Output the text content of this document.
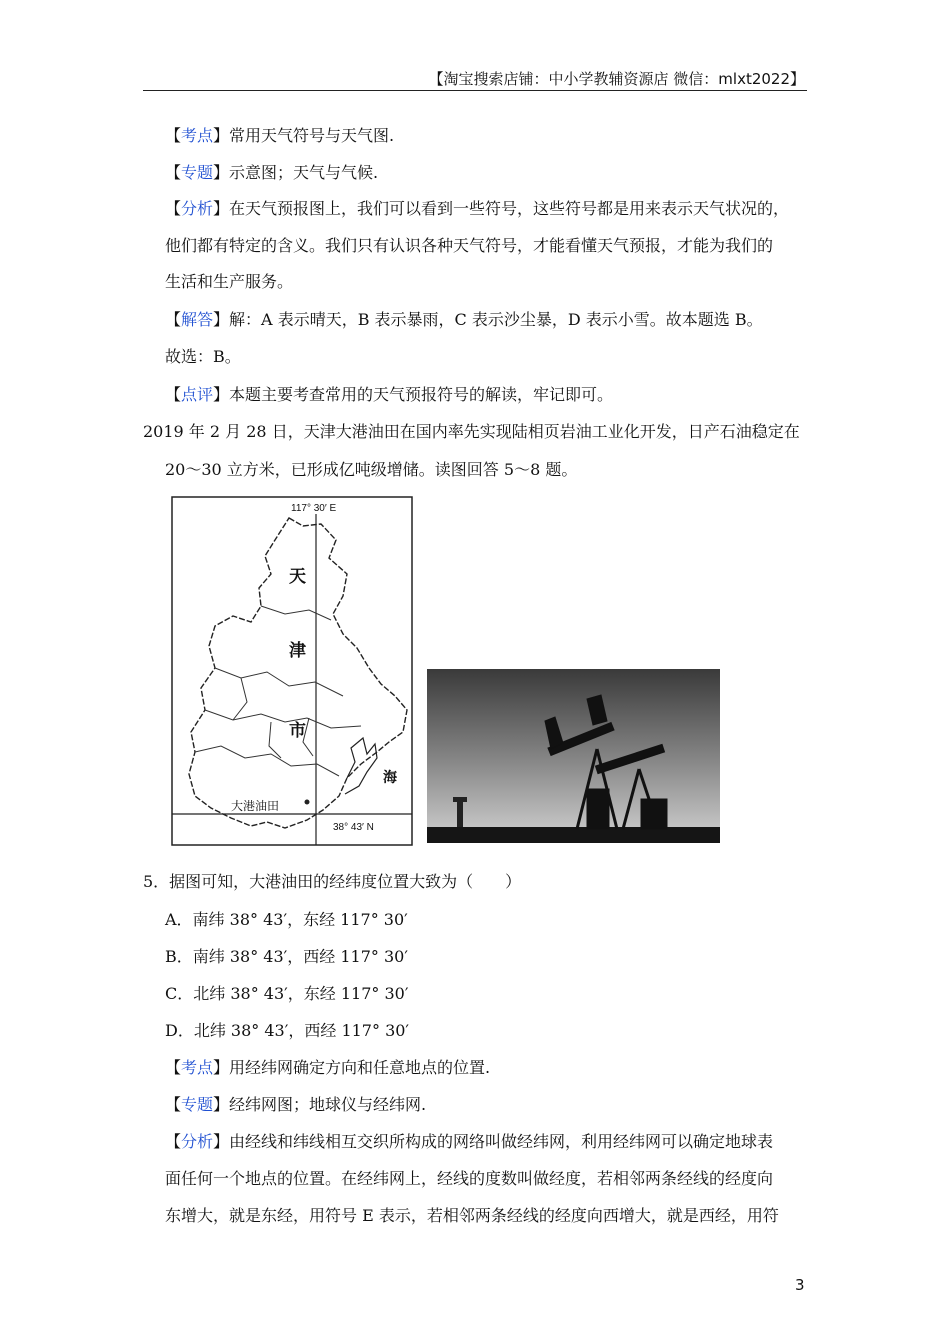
【淘宝搜索店铺：中小学教辅资源店 微信：mlxt2022】
【考点】常用天气符号与天气图.
【专题】示意图；天气与气候.
【分析】在天气预报图上，我们可以看到一些符号，这些符号都是用来表示天气状况的，
他们都有特定的含义。我们只有认识各种天气符号，才能看懂天气预报，才能为我们的
生活和生产服务。
【解答】解：A 表示晴天，B 表示暴雨，C 表示沙尘暴，D 表示小雪。故本题选 B。
故选：B。
【点评】本题主要考查常用的天气预报符号的解读，牢记即可。
2019 年 2 月 28 日，天津大港油田在国内率先实现陆相页岩油工业化开发，日产石油稳定在
20～30 立方米，已形成亿吨级增储。读图回答 5～8 题。
117° 30′ E
38° 43′ N
天
津
市
海
大港油田
5．据图可知，大港油田的经纬度位置大致为（　　）
A．南纬 38° 43′，东经 117° 30′
B．南纬 38° 43′，西经 117° 30′
C．北纬 38° 43′，东经 117° 30′
D．北纬 38° 43′，西经 117° 30′
【考点】用经纬网确定方向和任意地点的位置.
【专题】经纬网图；地球仪与经纬网.
【分析】由经线和纬线相互交织所构成的网络叫做经纬网，利用经纬网可以确定地球表
面任何一个地点的位置。在经纬网上，经线的度数叫做经度，若相邻两条经线的经度向
东增大，就是东经，用符号 E 表示，若相邻两条经线的经度向西增大，就是西经，用符
3
